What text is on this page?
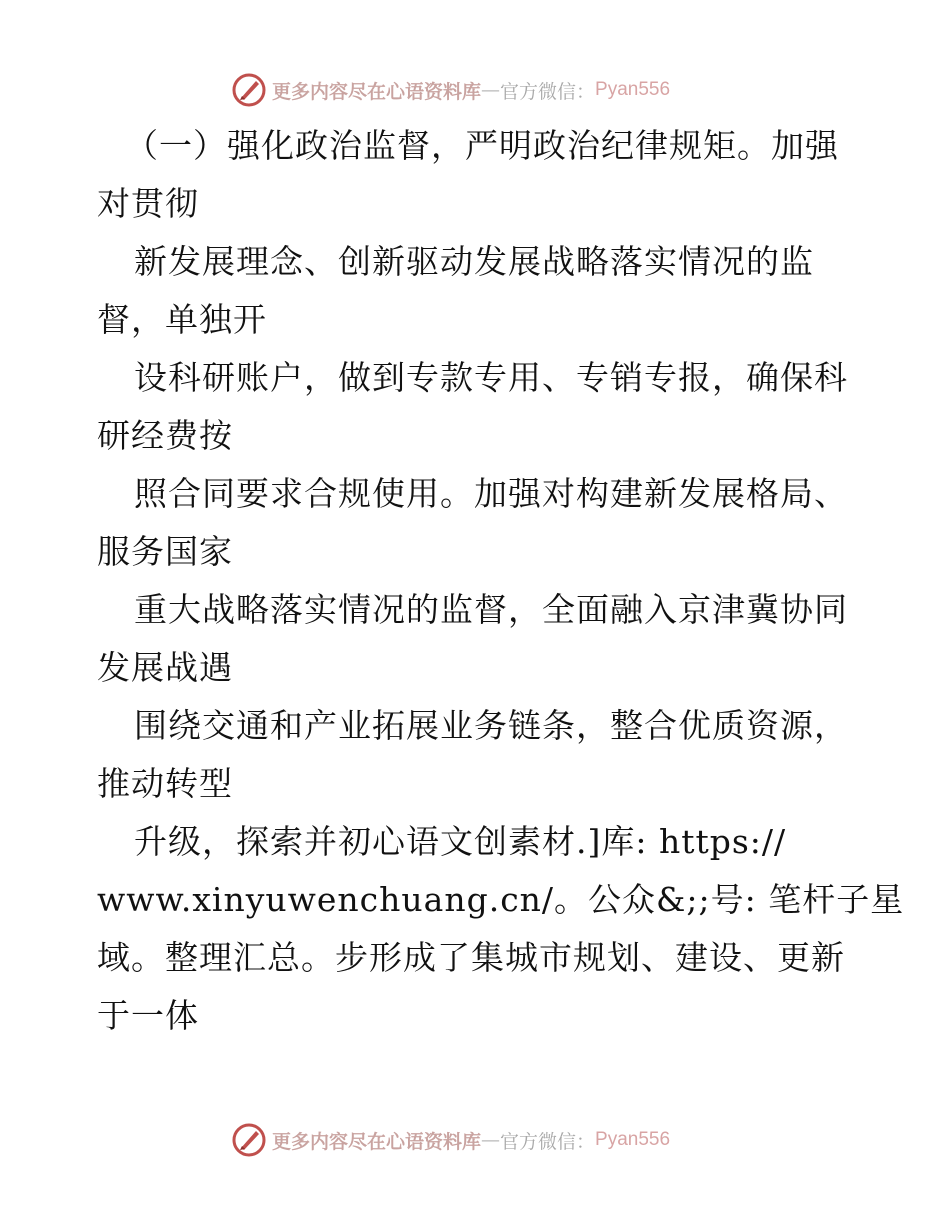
更多内容尽在心语资料库 — 官方微信： Pyan556
（一）强化政治监督，严明政治纪律规矩。加强
对贯彻
新发展理念、创新驱动发展战略落实情况的监
督，单独开
设科研账户，做到专款专用、专销专报，确保科
研经费按
照合同要求合规使用。加强对构建新发展格局、
服务国家
重大战略落实情况的监督，全面融入京津冀协同
发展战遇
围绕交通和产业拓展业务链条，整合优质资源，
推动转型
升级，探索并初心语文创素材.]库: https://
www.xinyuwenchuang.cn/。公众&;;号: 笔杆子星
域。整理汇总。步形成了集城市规划、建设、更新
于一体
更多内容尽在心语资料库 — 官方微信： Pyan556
